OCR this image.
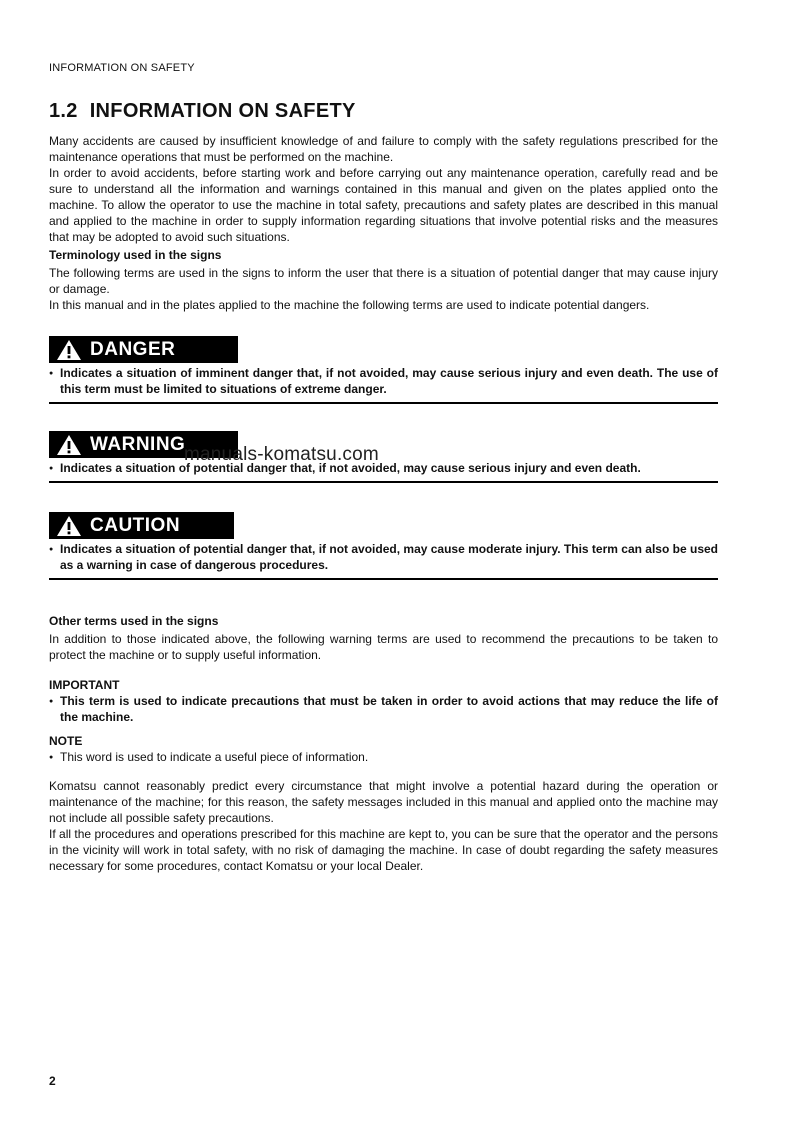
INFORMATION ON SAFETY
1.2 INFORMATION ON SAFETY

Many accidents are caused by insufficient knowledge of and failure to comply with the safety regulations prescribed for the maintenance operations that must be performed on the machine.

In order to avoid accidents, before starting work and before carrying out any maintenance operation, carefully read and be sure to understand all the information and warnings contained in this manual and given on the plates applied onto the machine. To allow the operator to use the machine in total safety, precautions and safety plates are described in this manual and applied to the machine in order to supply information regarding situations that involve potential risks and the measures that may be adopted to avoid such situations.

Terminology used in the signs

The following terms are used in the signs to inform the user that there is a situation of potential danger that may cause injury or damage.

In this manual and in the plates applied to the machine the following terms are used to indicate potential dangers.

DANGER
● Indicates a situation of imminent danger that, if not avoided, may cause serious injury and even death. The use of this term must be limited to situations of extreme danger.
WARNING
manuals-komatsu.com
● Indicates a situation of potential danger that, if not avoided, may cause serious injury and even death.
CAUTION
● Indicates a situation of potential danger that, if not avoided, may cause moderate injury. This term can also be used as a warning in case of dangerous procedures.

Other terms used in the signs

In addition to those indicated above, the following warning terms are used to recommend the precautions to be taken to protect the machine or to supply useful information.

IMPORTANT

● This term is used to indicate precautions that must be taken in order to avoid actions that may reduce the life of the machine.

NOTE

● This word is used to indicate a useful piece of information.

Komatsu cannot reasonably predict every circumstance that might involve a potential hazard during the operation or maintenance of the machine; for this reason, the safety messages included in this manual and applied onto the machine may not include all possible safety precautions.

If all the procedures and operations prescribed for this machine are kept to, you can be sure that the operator and the persons in the vicinity will work in total safety, with no risk of damaging the machine. In case of doubt regarding the safety measures necessary for some procedures, contact Komatsu or your local Dealer.

2
